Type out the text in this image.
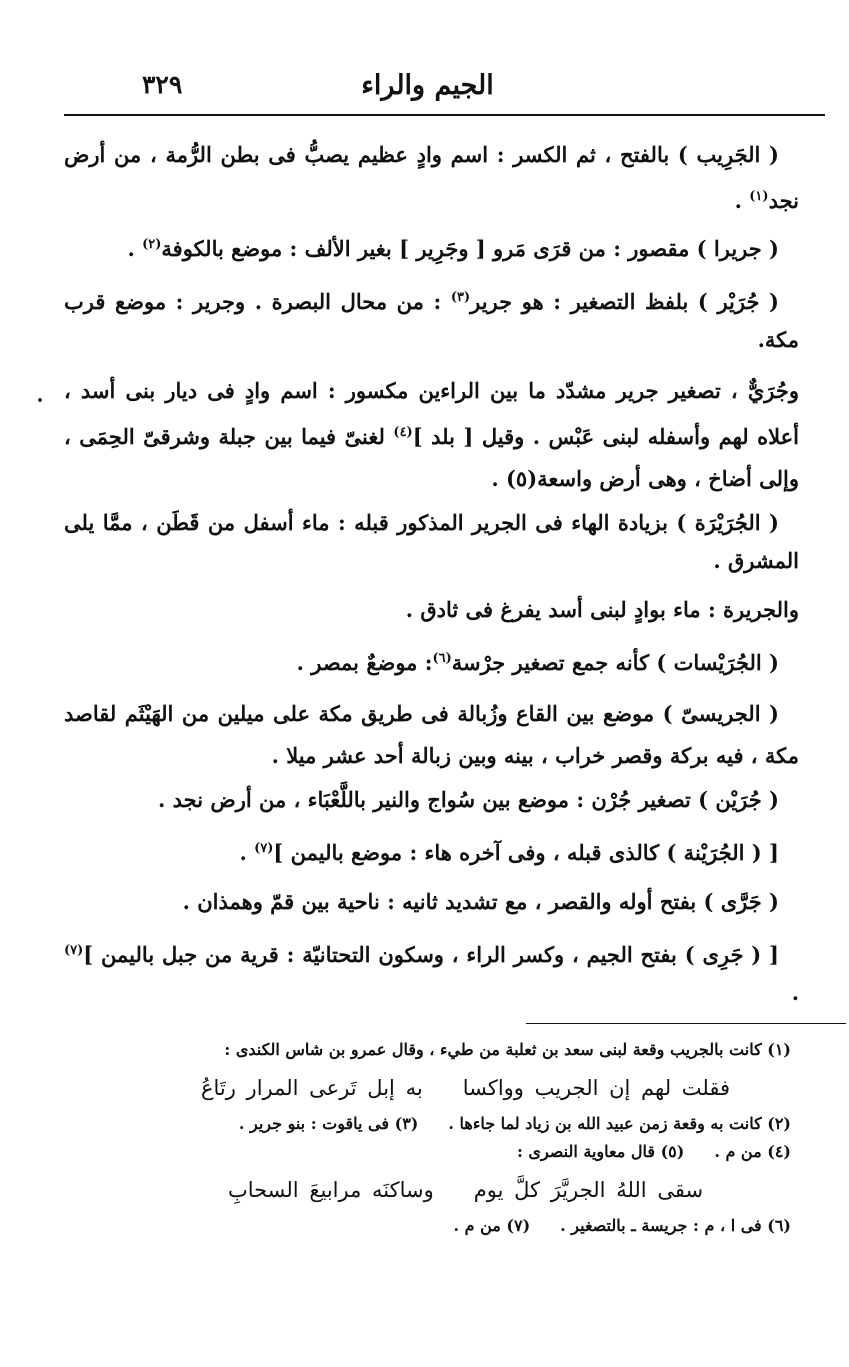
الجيم والراء
٣٢٩

( الجَرِيب ) بالفتح ، ثم الكسر : اسم وادٍ عظيم يصبُّ فى بطن الرُّمة ، من أرض نجد$^{(١)}$ .

( جريرا ) مقصور : من قرَى مَرو [ وجَرِير ] بغير الألف : موضع بالكوفة$^{(٢)}$ .

( جُرَيْر ) بلفظ التصغير : هو جرير$^{(٣)}$ : من محال البصرة . وجرير : موضع قرب مكة.

وجُرَيٌّ ، تصغير جرير مشدّد ما بين الراءين مكسور : اسم وادٍ فى ديار بنى أسد ، أعلاه لهم وأسفله لبنى عَبْس . وقيل [ بلد ]$^{(٤)}$ لغنىّ فيما بين جبلة وشرقىّ الحِمَى ، وإلى أضاخ ، وهى أرض واسعة(٥) .

( الجُرَيْرَة ) بزيادة الهاء فى الجرير المذكور قبله : ماء أسفل من قَطَن ، ممَّا يلى المشرق .

والجريرة : ماء بوادٍ لبنى أسد يفرغ فى ثادق .

( الجُرَيْسات ) كأنه جمع تصغير جرْسة$^{(٦)}$: موضعٌ بمصر .

( الجريسىّ ) موضع بين القاع وزُبالة فى طريق مكة على ميلين من الهَيْثَم لقاصد مكة ، فيه بركة وقصر خراب ، بينه وبين زبالة أحد عشر ميلا .

( جُرَيْن ) تصغير جُرْن : موضع بين سُواج والنير باللَّعْبَاء ، من أرض نجد .

[ ( الجُرَيْنة ) كالذى قبله ، وفى آخره هاء : موضع باليمن ]$^{(٧)}$ .

( جَرَّى ) بفتح أوله والقصر ، مع تشديد ثانيه : ناحية بين قمّ وهمذان .

[ ( جَرِى ) بفتح الجيم ، وكسر الراء ، وسكون التحتانيّة : قرية من جبل باليمن ]$^{(٧)}$ .

(١) كانت بالجريب وقعة لبنى سعد بن ثعلبة من طيء ، وقال عمرو بن شاس الكندى :

فقلت لهم إن الجريب وواكسابه إبل تَرعى المرار رتَاعُ

(٢) كانت به وقعة زمن عبيد الله بن زياد لما جاءها .

(٣) فى ياقوت : بنو جرير .

(٤) من م .

(٥) قال معاوية النصرى :

سقى اللهُ الجريَّرَ كلَّ يوموساكنَه مرابيعَ السحابِ

(٦) فى ا ، م : جريسة ـ بالتصغير .

(٧) من م .
